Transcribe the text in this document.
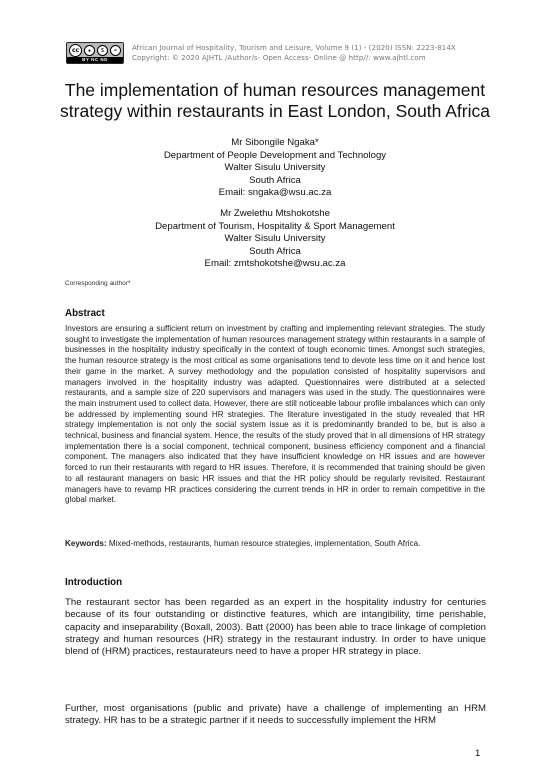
cc	●	$	=
BY NC ND
African Journal of Hospitality, Tourism and Leisure, Volume 9 (1) - (2020) ISSN: 2223-814X
Copyright: © 2020 AJHTL /Author/s- Open Access- Online @ http//: www.ajhtl.com
The implementation of human resources management strategy within restaurants in East London, South Africa
Mr Sibongile Ngaka*
Department of People Development and Technology
Walter Sisulu University
South Africa
Email: sngaka@wsu.ac.za
Mr Zwelethu Mtshokotshe
Department of Tourism, Hospitality & Sport Management
Walter Sisulu University
South Africa
Email: zmtshokotshe@wsu.ac.za
Corresponding author*
Abstract

Investors are ensuring a sufficient return on investment by crafting and implementing relevant strategies. The study sought to investigate the implementation of human resources management strategy within restaurants in a sample of businesses in the hospitality industry specifically in the context of tough economic times. Amongst such strategies, the human resource strategy is the most critical as some organisations tend to devote less time on it and hence lost their game in the market. A survey methodology and the population consisted of hospitality supervisors and managers involved in the hospitality industry was adapted. Questionnaires were distributed at a selected restaurants, and a sample size of 220 supervisors and managers was used in the study. The questionnaires were the main instrument used to collect data. However, there are still noticeable labour profile imbalances which can only be addressed by implementing sound HR strategies. The literature investigated in the study revealed that HR strategy implementation is not only the social system issue as it is predominantly branded to be, but is also a technical, business and financial system. Hence, the results of the study proved that in all dimensions of HR strategy implementation there is a social component, technical component, business efficiency component and a financial component. The managers also indicated that they have insufficient knowledge on HR issues and are however forced to run their restaurants with regard to HR issues. Therefore, it is recommended that training should be given to all restaurant managers on basic HR issues and that the HR policy should be regularly revisited. Restaurant managers have to revamp HR practices considering the current trends in HR in order to remain competitive in the global market.

Keywords: Mixed-methods, restaurants, human resource strategies, implementation, South Africa.

Introduction

The restaurant sector has been regarded as an expert in the hospitality industry for centuries because of its four outstanding or distinctive features, which are intangibility, time perishable, capacity and inseparability (Boxall, 2003). Batt (2000) has been able to trace linkage of completion strategy and human resources (HR) strategy in the restaurant industry. In order to have unique blend of (HRM) practices, restaurateurs need to have a proper HR strategy in place.

Further, most organisations (public and private) have a challenge of implementing an HRM strategy. HR has to be a strategic partner if it needs to successfully implement the HRM

1
